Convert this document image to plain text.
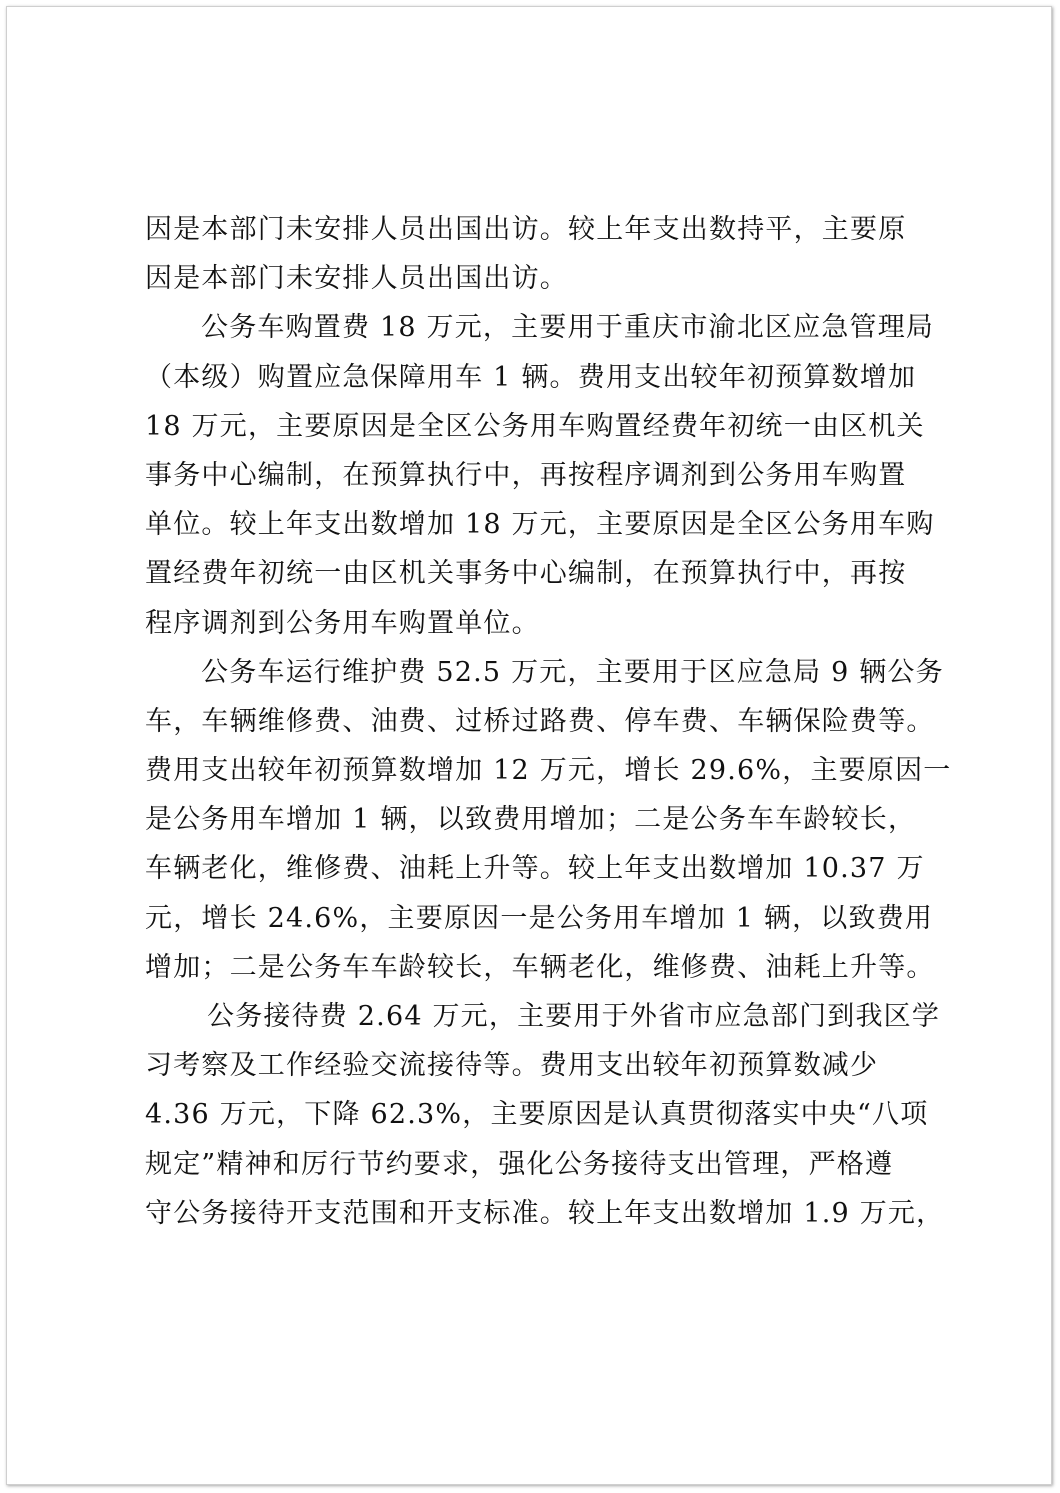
因是本部门未安排人员出国出访。较上年支出数持平，主要原
因是本部门未安排人员出国出访。
公务车购置费 18 万元，主要用于重庆市渝北区应急管理局
（本级）购置应急保障用车 1 辆。费用支出较年初预算数增加
18 万元，主要原因是全区公务用车购置经费年初统一由区机关
事务中心编制，在预算执行中，再按程序调剂到公务用车购置
单位。较上年支出数增加 18 万元，主要原因是全区公务用车购
置经费年初统一由区机关事务中心编制，在预算执行中，再按
程序调剂到公务用车购置单位。
公务车运行维护费 52.5 万元，主要用于区应急局 9 辆公务
车，车辆维修费、油费、过桥过路费、停车费、车辆保险费等。
费用支出较年初预算数增加 12 万元，增长 29.6%，主要原因一
是公务用车增加 1 辆，以致费用增加；二是公务车车龄较长，
车辆老化，维修费、油耗上升等。较上年支出数增加 10.37 万
元，增长 24.6%，主要原因一是公务用车增加 1 辆，以致费用
增加；二是公务车车龄较长，车辆老化，维修费、油耗上升等。
公务接待费 2.64 万元，主要用于外省市应急部门到我区学
习考察及工作经验交流接待等。费用支出较年初预算数减少
4.36 万元，下降 62.3%，主要原因是认真贯彻落实中央“八项
规定”精神和厉行节约要求，强化公务接待支出管理，严格遵
守公务接待开支范围和开支标准。较上年支出数增加 1.9 万元，
